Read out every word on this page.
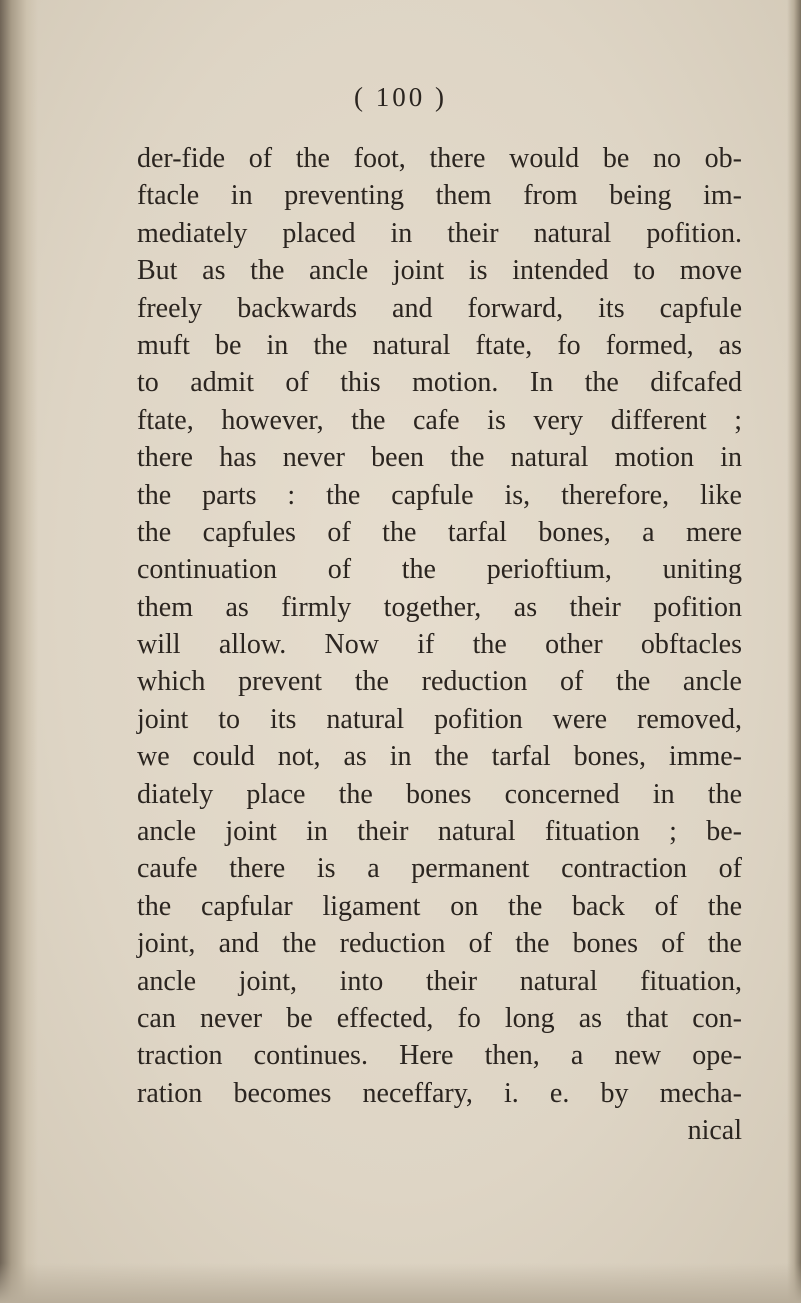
( 100 )
der-fide of the foot, there would be no ob-
ftacle in preventing them from being im-
mediately placed in their natural pofition.
But as the ancle joint is intended to move
freely backwards and forward, its capfule
muft be in the natural ftate, fo formed, as
to admit of this motion. In the difcafed
ftate, however, the cafe is very different ;
there has never been the natural motion in
the parts : the capfule is, therefore, like
the capfules of the tarfal bones, a mere
continuation of the perioftium, uniting
them as firmly together, as their pofition
will allow. Now if the other obftacles
which prevent the reduction of the ancle
joint to its natural pofition were removed,
we could not, as in the tarfal bones, imme-
diately place the bones concerned in the
ancle joint in their natural fituation ; be-
caufe there is a permanent contraction of
the capfular ligament on the back of the
joint, and the reduction of the bones of the
ancle joint, into their natural fituation,
can never be effected, fo long as that con-
traction continues. Here then, a new ope-
ration becomes neceffary, i. e. by mecha-
nical
